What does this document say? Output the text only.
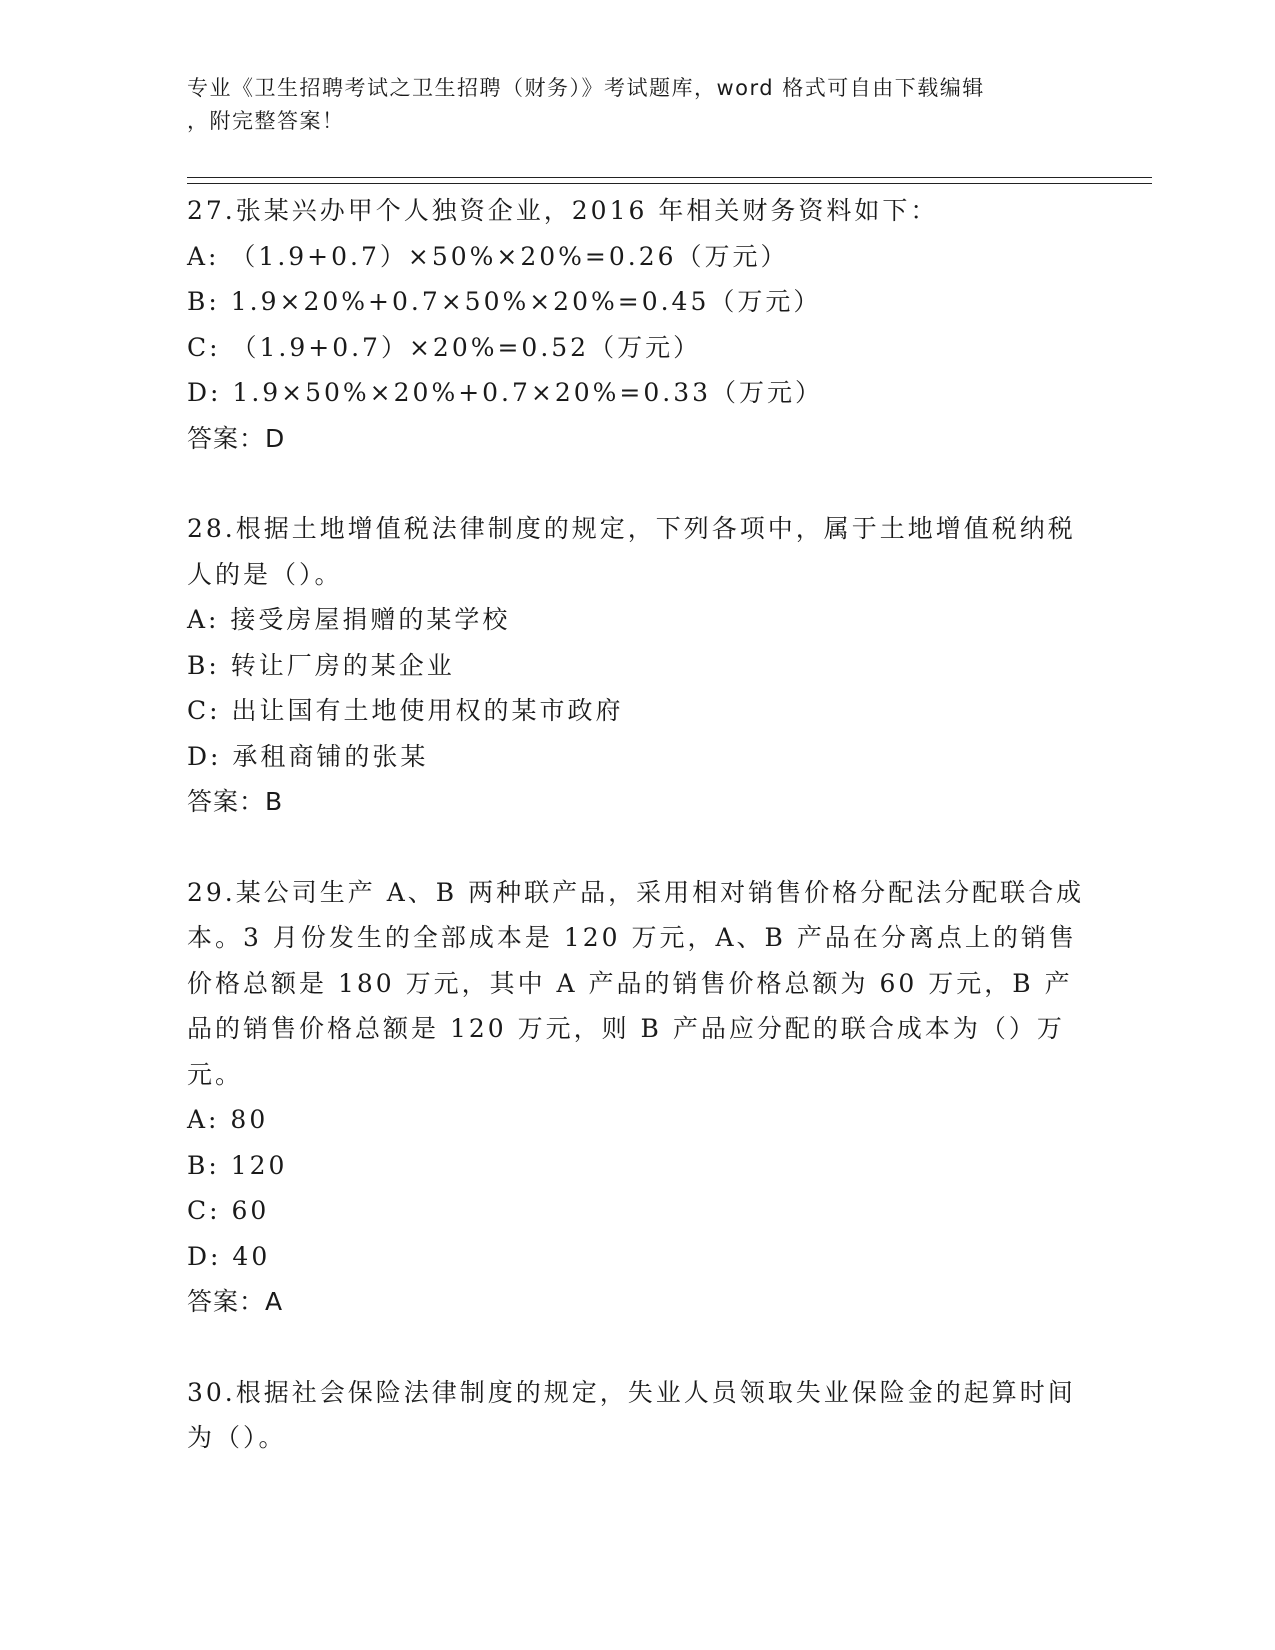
专业《卫生招聘考试之卫生招聘（财务）》考试题库，word 格式可自由下载编辑
，附完整答案！
27.张某兴办甲个人独资企业，2016 年相关财务资料如下：
A: （1.9+0.7）×50%×20%=0.26（万元）
B: 1.9×20%+0.7×50%×20%=0.45（万元）
C: （1.9+0.7）×20%=0.52（万元）
D: 1.9×50%×20%+0.7×20%=0.33（万元）
答案：D
28.根据土地增值税法律制度的规定，下列各项中，属于土地增值税纳税人的是（）。
A: 接受房屋捐赠的某学校
B: 转让厂房的某企业
C: 出让国有土地使用权的某市政府
D: 承租商铺的张某
答案：B
29.某公司生产 A、B 两种联产品，采用相对销售价格分配法分配联合成本。3 月份发生的全部成本是 120 万元，A、B 产品在分离点上的销售价格总额是 180 万元，其中 A 产品的销售价格总额为 60 万元，B 产品的销售价格总额是 120 万元，则 B 产品应分配的联合成本为（）万元。
A: 80
B: 120
C: 60
D: 40
答案：A
30.根据社会保险法律制度的规定，失业人员领取失业保险金的起算时间为（）。
